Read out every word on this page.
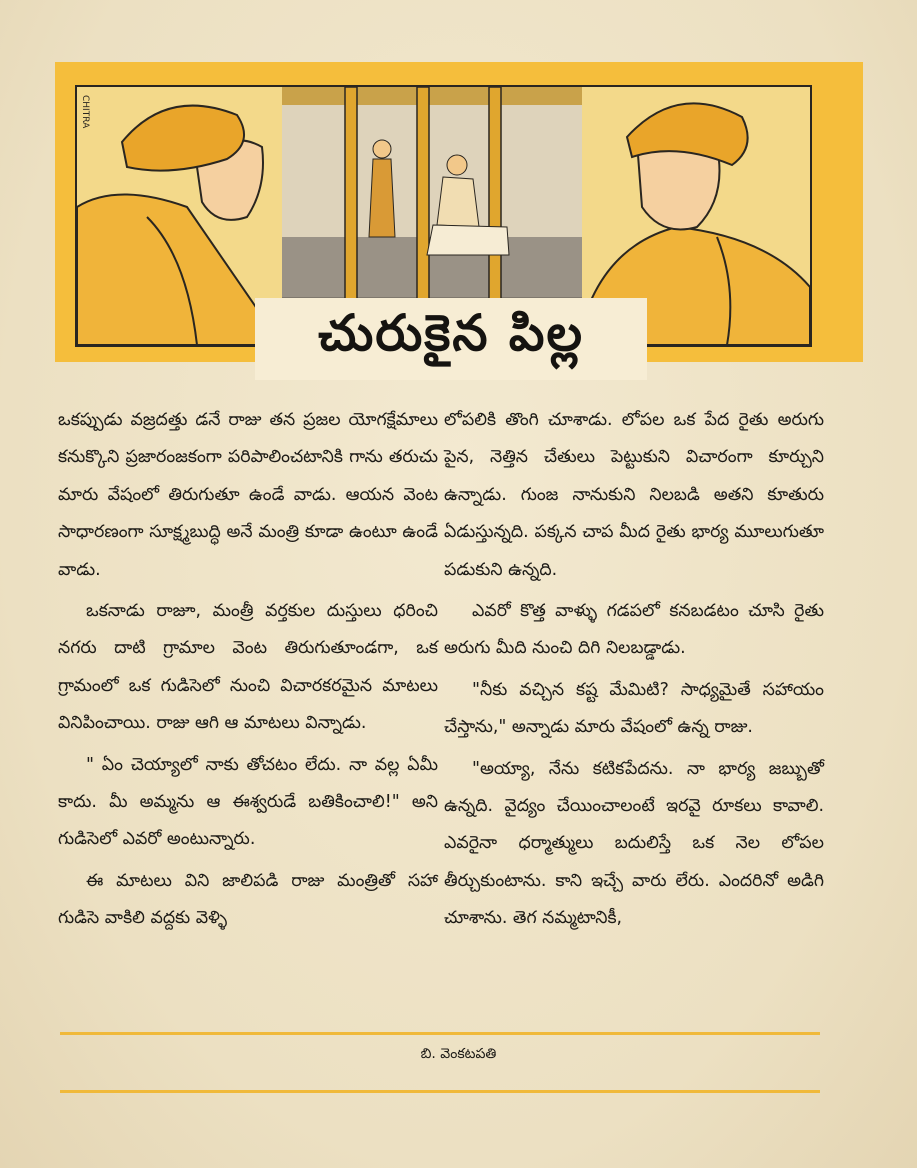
CHITRA
చురుకైన పిల్ల

ఒకప్పుడు వజ్రదత్తు డనే రాజు తన ప్రజల యోగక్షేమాలు కనుక్కొని ప్రజారంజకంగా పరిపాలించటానికి గాను తరుచు మారు వేషంలో తిరుగుతూ ఉండే వాడు. ఆయన వెంట సాధారణంగా సూక్ష్మబుద్ధి అనే మంత్రి కూడా ఉంటూ ఉండే వాడు.

ఒకనాడు రాజూ, మంత్రీ వర్తకుల దుస్తులు ధరించి నగరు దాటి గ్రామాల వెంట తిరుగుతూండగా, ఒక గ్రామంలో ఒక గుడిసెలో నుంచి విచారకరమైన మాటలు వినిపించాయి. రాజు ఆగి ఆ మాటలు విన్నాడు.

" ఏం చెయ్యాలో నాకు తోచటం లేదు. నా వల్ల ఏమీ కాదు. మీ అమ్మను ఆ ఈశ్వరుడే బతికించాలి!" అని గుడిసెలో ఎవరో అంటున్నారు.

ఈ మాటలు విని జాలిపడి రాజు మంత్రితో సహా గుడిసె వాకిలి వద్దకు వెళ్ళి

లోపలికి తొంగి చూశాడు. లోపల ఒక పేద రైతు అరుగు పైన, నెత్తిన చేతులు పెట్టుకుని విచారంగా కూర్చుని ఉన్నాడు. గుంజ నానుకుని నిలబడి అతని కూతురు ఏడుస్తున్నది. పక్కన చాప మీద రైతు భార్య మూలుగుతూ పడుకుని ఉన్నది.

ఎవరో కొత్త వాళ్ళు గడపలో కనబడటం చూసి రైతు అరుగు మీది నుంచి దిగి నిలబడ్డాడు.

"నీకు వచ్చిన కష్ట మేమిటి? సాధ్యమైతే సహాయం చేస్తాను," అన్నాడు మారు వేషంలో ఉన్న రాజు.

"అయ్యా, నేను కటికపేదను. నా భార్య జబ్బుతో ఉన్నది. వైద్యం చేయించాలంటే ఇరవై రూకలు కావాలి. ఎవరైనా ధర్మాత్ములు బదులిస్తే ఒక నెల లోపల తీర్చుకుంటాను. కాని ఇచ్చే వారు లేరు. ఎందరినో అడిగి చూశాను. తెగ నమ్మటానికీ,

బి. వెంకటపతి
